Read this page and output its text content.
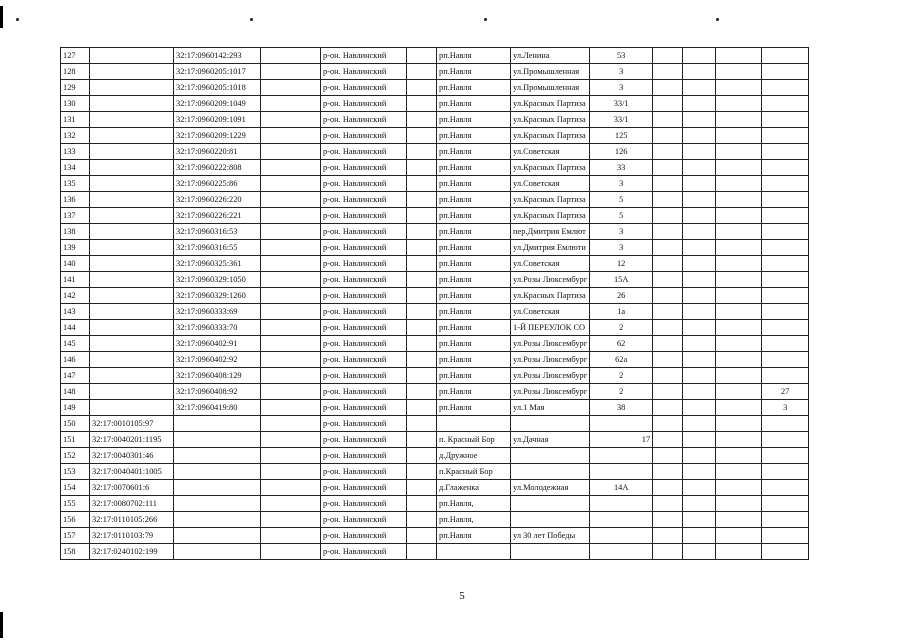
127		32:17:0960142:293		р-он. Навлинский		рп.Навля	ул.Ленина	53				
128		32:17:0960205:1017		р-он. Навлинский		рп.Навля	ул.Промышленная	3				
129		32:17:0960205:1018		р-он. Навлинский		рп.Навля	ул.Промышленная	3				
130		32:17:0960209:1049		р-он. Навлинский		рп.Навля	ул.Красных Партиза	33/1				
131		32:17:0960209:1091		р-он. Навлинский		рп.Навля	ул.Красных Партиза	33/1				
132		32:17:0960209:1229		р-он. Навлинский		рп.Навля	ул.Красных Партиза	125				
133		32:17:0960220:81		р-он. Навлинский		рп.Навля	ул.Советская	126				
134		32:17:0960222:808		р-он. Навлинский		рп.Навля	ул.Красных Партиза	33				
135		32:17:0960225:86		р-он. Навлинский		рп.Навля	ул.Советская	3				
136		32:17:0960226:220		р-он. Навлинский		рп.Навля	ул.Красных Партиза	5				
137		32:17:0960226:221		р-он. Навлинский		рп.Навля	ул.Красных Партиза	5				
138		32:17:0960316:53		р-он. Навлинский		рп.Навля	пер.Дмитрия Емлют	3				
139		32:17:0960316:55		р-он. Навлинский		рп.Навля	ул.Дмитрия Емлюти	3				
140		32:17:0960325:361		р-он. Навлинский		рп.Навля	ул.Советская	12				
141		32:17:0960329:1050		р-он. Навлинский		рп.Навля	ул.Розы Люксембург	15А				
142		32:17:0960329:1260		р-он. Навлинский		рп.Навля	ул.Красных Партиза	26				
143		32:17:0960333:69		р-он. Навлинский		рп.Навля	ул.Советская	1а				
144		32:17:0960333:70		р-он. Навлинский		рп.Навля	1-Й ПЕРЕУЛОК СО	2				
145		32:17:0960402:91		р-он. Навлинский		рп.Навля	ул.Розы Люксембург	62				
146		32:17:0960402:92		р-он. Навлинский		рп.Навля	ул.Розы Люксембург	62а				
147		32:17:0960408:129		р-он. Навлинский		рп.Навля	ул.Розы Люксембург	2				
148		32:17:0960408:92		р-он. Навлинский		рп.Навля	ул.Розы Люксембург	2				27
149		32:17:0960419:80		р-он. Навлинский		рп.Навля	ул.1 Мая	38				3
150	32:17:0010105:97			р-он. Навлинский								
151	32:17:0040201:1195			р-он. Навлинский		п. Красный Бор	ул.Дачная	17				
152	32:17:0040301:46			р-он. Навлинский		д.Дружное						
153	32:17:0040401:1005			р-он. Навлинский		п.Красный Бор						
154	32:17:0070601:6			р-он. Навлинский		д.Глаженка	ул.Молодежная	14А				
155	32:17:0080702:111			р-он. Навлинский		рп.Навля,						
156	32:17:0110105:266			р-он. Навлинский		рп.Навля,						
157	32:17:0110103:79			р-он. Навлинский		рп.Навля	ул 30 лет Победы					
158	32:17:0240102:199			р-он. Навлинский								
5
